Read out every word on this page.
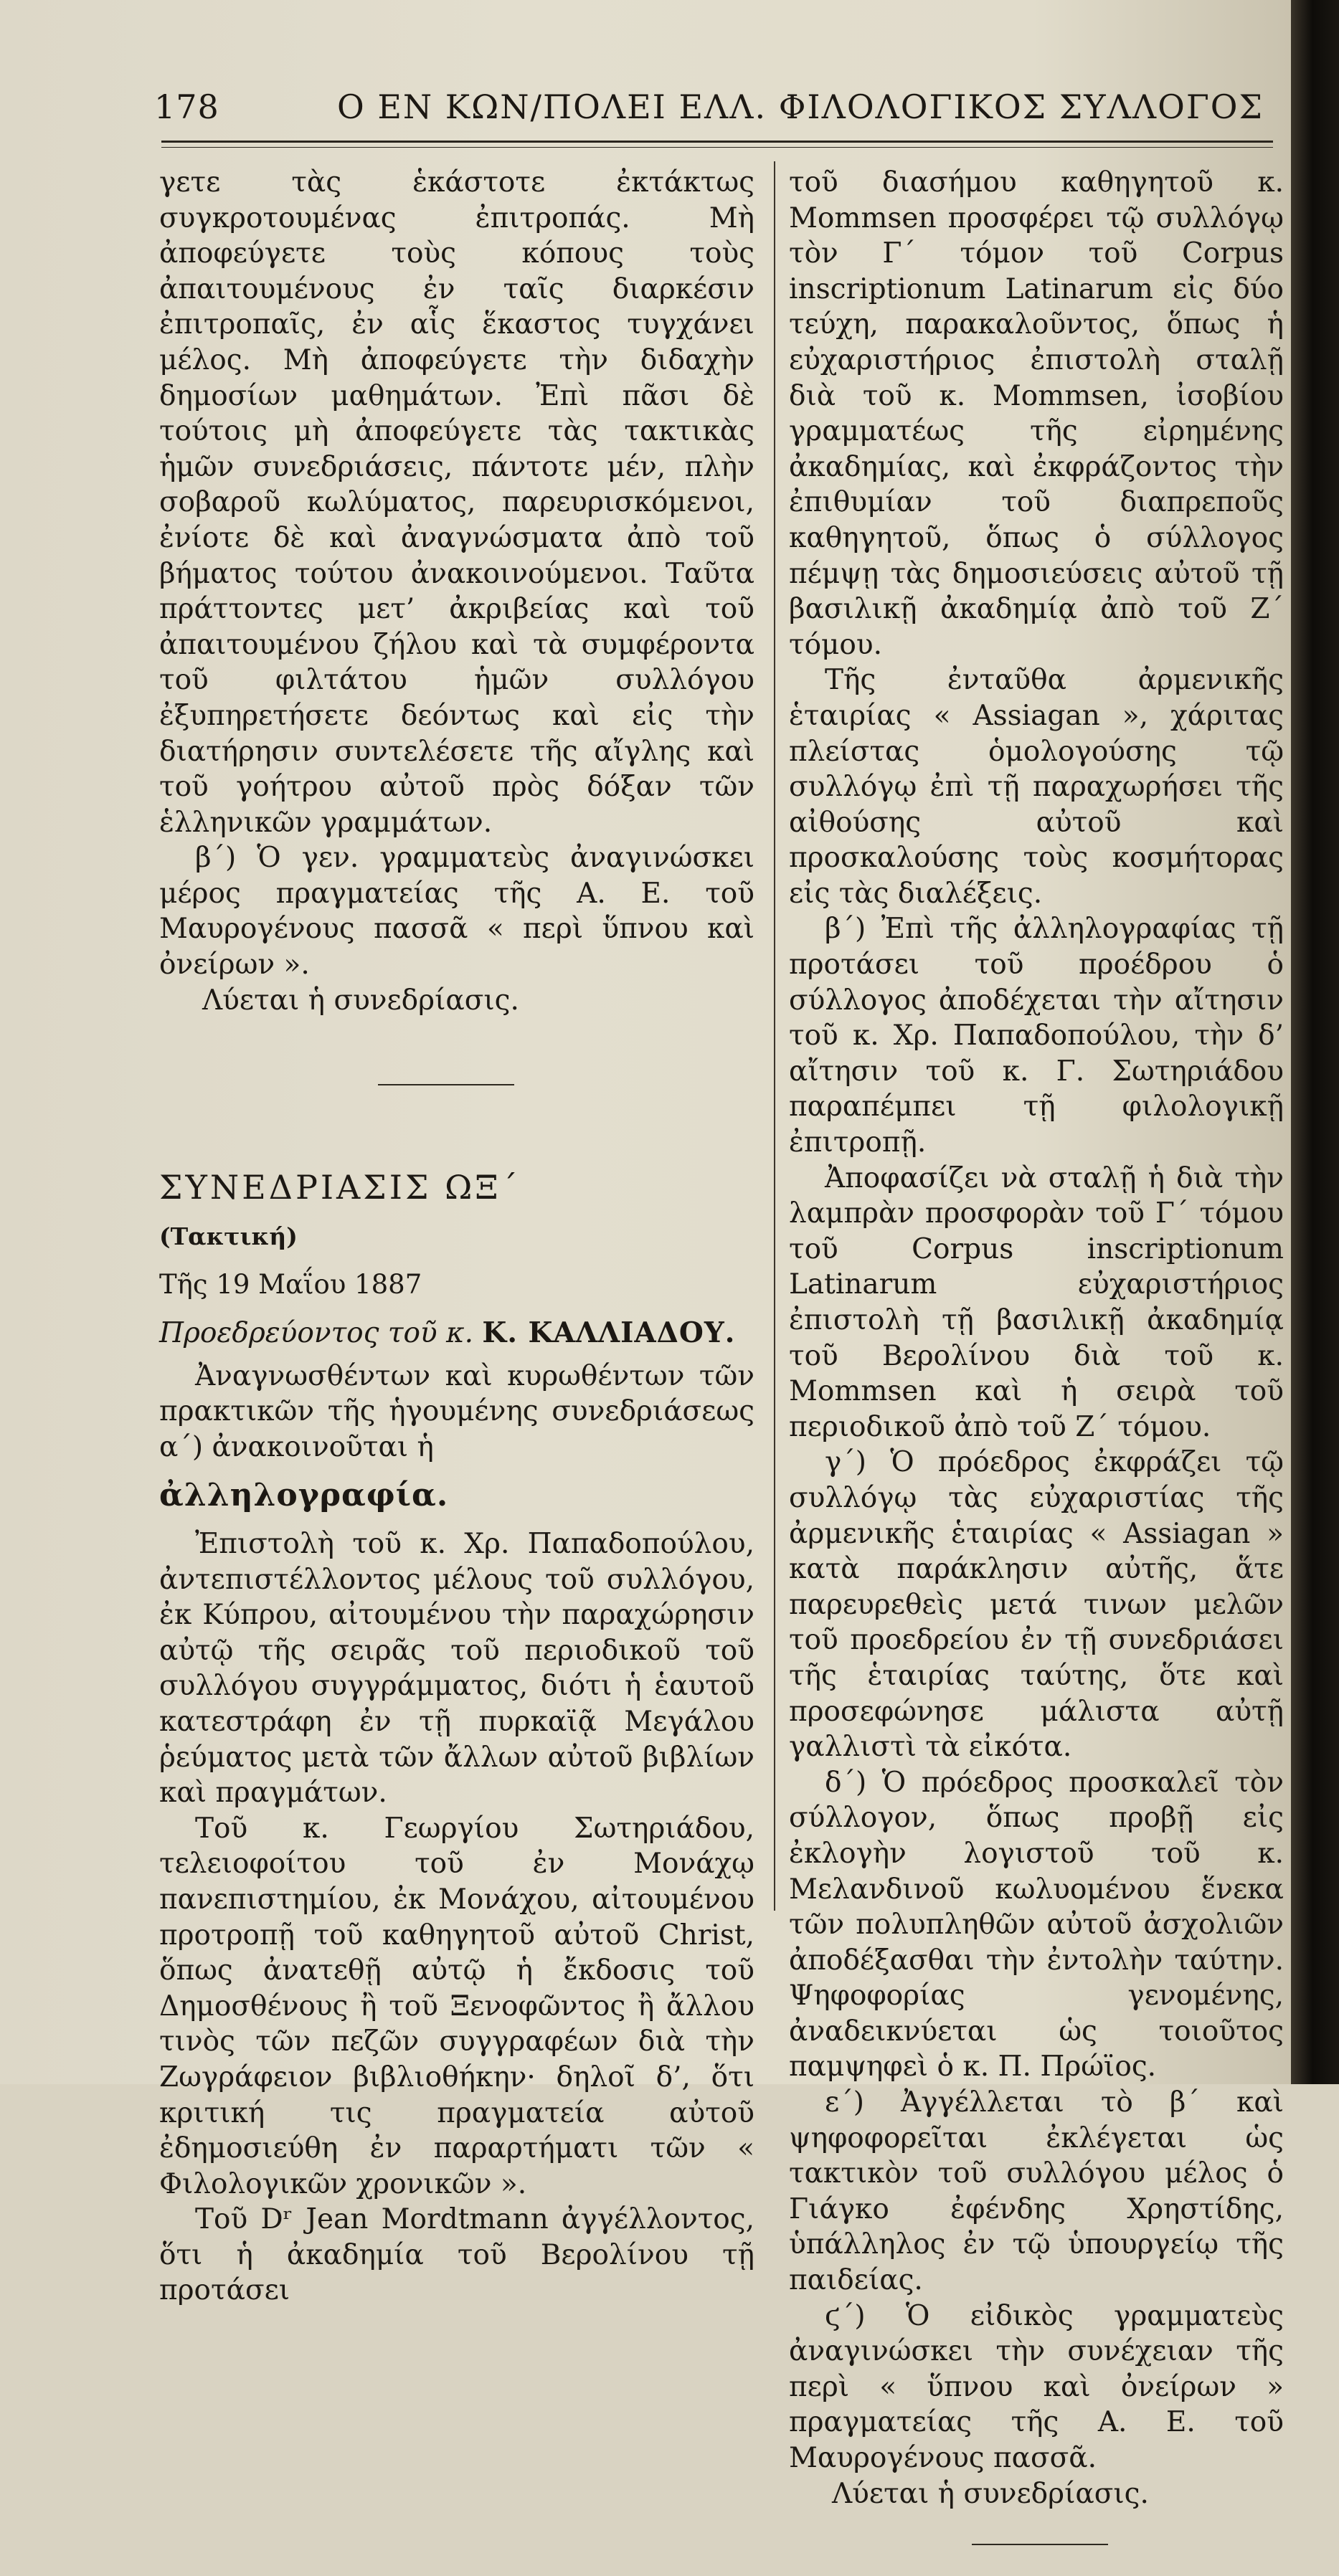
178	Ο ΕΝ ΚΩΝ/ΠΟΛΕΙ ΕΛΛ. ΦΙΛΟΛΟΓΙΚΟΣ ΣΥΛΛΟΓΟΣ

γετε τὰς ἑκάστοτε ἐκτάκτως συγκροτουμένας ἐπιτροπάς. Μὴ ἀποφεύγετε τοὺς κόπους τοὺς ἀπαιτουμένους ἐν ταῖς διαρκέσιν ἐπιτροπαῖς, ἐν αἷς ἕκαστος τυγχάνει μέλος. Μὴ ἀποφεύγετε τὴν διδαχὴν δημοσίων μαθημάτων. Ἐπὶ πᾶσι δὲ τούτοις μὴ ἀποφεύγετε τὰς τακτικὰς ἡμῶν συνεδριάσεις, πάντοτε μέν, πλὴν σοβαροῦ κωλύματος, παρευρισκόμενοι, ἐνίοτε δὲ καὶ ἀναγνώσματα ἀπὸ τοῦ βήματος τούτου ἀνακοινούμενοι. Ταῦτα πράττοντες μετ’ ἀκριβείας καὶ τοῦ ἀπαιτουμένου ζήλου καὶ τὰ συμφέροντα τοῦ φιλτάτου ἡμῶν συλλόγου ἐξυπηρετήσετε δεόντως καὶ εἰς τὴν διατήρησιν συντελέσετε τῆς αἴγλης καὶ τοῦ γοήτρου αὐτοῦ πρὸς δόξαν τῶν ἑλληνικῶν γραμμάτων.

β΄) Ὁ γεν. γραμματεὺς ἀναγινώσκει μέρος πραγματείας τῆς Α. Ε. τοῦ Μαυρογένους πασσᾶ « περὶ ὕπνου καὶ ὀνείρων ».

Λύεται ἡ συνεδρίασις.

ΣΥΝΕΔΡΙΑΣΙΣ ΩΞ΄

(Τακτική)

Τῆς 19 Μαΐου 1887

Προεδρεύοντος τοῦ κ. Κ. ΚΑΛΛΙΑΔΟΥ.

Ἀναγνωσθέντων καὶ κυρωθέντων τῶν πρακτικῶν τῆς ἡγουμένης συνεδριάσεως α΄) ἀνακοινοῦται ἡ

ἀλληλογραφία.

Ἐπιστολὴ τοῦ κ. Χρ. Παπαδοπούλου, ἀντεπιστέλλοντος μέλους τοῦ συλλόγου, ἐκ Κύπρου, αἰτουμένου τὴν παραχώρησιν αὐτῷ τῆς σειρᾶς τοῦ περιοδικοῦ τοῦ συλλόγου συγγράμματος, διότι ἡ ἑαυτοῦ κατεστράφη ἐν τῇ πυρκαϊᾷ Μεγάλου ῥεύματος μετὰ τῶν ἄλλων αὐτοῦ βιβλίων καὶ πραγμάτων.

Τοῦ κ. Γεωργίου Σωτηριάδου, τελειοφοίτου τοῦ ἐν Μονάχῳ πανεπιστημίου, ἐκ Μονάχου, αἰτουμένου προτροπῇ τοῦ καθηγητοῦ αὐτοῦ Christ, ὅπως ἀνατεθῇ αὐτῷ ἡ ἔκδοσις τοῦ Δημοσθένους ἢ τοῦ Ξενοφῶντος ἢ ἄλλου τινὸς τῶν πεζῶν συγγραφέων διὰ τὴν Ζωγράφειον βιβλιοθήκην· δηλοῖ δ’, ὅτι κριτική τις πραγματεία αὐτοῦ ἐδημοσιεύθη ἐν παραρτήματι τῶν « Φιλολογικῶν χρονικῶν ».

Τοῦ Dʳ Jean Mordtmann ἀγγέλλοντος, ὅτι ἡ ἀκαδημία τοῦ Βερολίνου τῇ προτάσει

τοῦ διασήμου καθηγητοῦ κ. Mommsen προσφέρει τῷ συλλόγῳ τὸν Γ΄ τόμον τοῦ Corpus inscriptionum Latinarum εἰς δύο τεύχη, παρακαλοῦντος, ὅπως ἡ εὐχαριστήριος ἐπιστολὴ σταλῇ διὰ τοῦ κ. Mommsen, ἰσοβίου γραμματέως τῆς εἰρημένης ἀκαδημίας, καὶ ἐκφράζοντος τὴν ἐπιθυμίαν τοῦ διαπρεποῦς καθηγητοῦ, ὅπως ὁ σύλλογος πέμψῃ τὰς δημοσιεύσεις αὐτοῦ τῇ βασιλικῇ ἀκαδημίᾳ ἀπὸ τοῦ Ζ΄ τόμου.

Τῆς ἐνταῦθα ἀρμενικῆς ἑταιρίας « Assiagan », χάριτας πλείστας ὁμολογούσης τῷ συλλόγῳ ἐπὶ τῇ παραχωρήσει τῆς αἰθούσης αὐτοῦ καὶ προσκαλούσης τοὺς κοσμήτορας εἰς τὰς διαλέξεις.

β΄) Ἐπὶ τῆς ἀλληλογραφίας τῇ προτάσει τοῦ προέδρου ὁ σύλλογος ἀποδέχεται τὴν αἴτησιν τοῦ κ. Χρ. Παπαδοπούλου, τὴν δ’ αἴτησιν τοῦ κ. Γ. Σωτηριάδου παραπέμπει τῇ φιλολογικῇ ἐπιτροπῇ.

Ἀποφασίζει νὰ σταλῇ ἡ διὰ τὴν λαμπρὰν προσφορὰν τοῦ Γ΄ τόμου τοῦ Corpus inscriptionum Latinarum εὐχαριστήριος ἐπιστολὴ τῇ βασιλικῇ ἀκαδημίᾳ τοῦ Βερολίνου διὰ τοῦ κ. Mommsen καὶ ἡ σειρὰ τοῦ περιοδικοῦ ἀπὸ τοῦ Ζ΄ τόμου.

γ΄) Ὁ πρόεδρος ἐκφράζει τῷ συλλόγῳ τὰς εὐχαριστίας τῆς ἀρμενικῆς ἑταιρίας « Assiagan » κατὰ παράκλησιν αὐτῆς, ἅτε παρευρεθεὶς μετά τινων μελῶν τοῦ προεδρείου ἐν τῇ συνεδριάσει τῆς ἑταιρίας ταύτης, ὅτε καὶ προσεφώνησε μάλιστα αὐτῇ γαλλιστὶ τὰ εἰκότα.

δ΄) Ὁ πρόεδρος προσκαλεῖ τὸν σύλλογον, ὅπως προβῇ εἰς ἐκλογὴν λογιστοῦ τοῦ κ. Μελανδινοῦ κωλυομένου ἕνεκα τῶν πολυπληθῶν αὐτοῦ ἀσχολιῶν ἀποδέξασθαι τὴν ἐντολὴν ταύτην. Ψηφοφορίας γενομένης, ἀναδεικνύεται ὡς τοιοῦτος παμψηφεὶ ὁ κ. Π. Πρώϊος.

ε΄) Ἀγγέλλεται τὸ β΄ καὶ ψηφοφορεῖται ἐκλέγεται ὡς τακτικὸν τοῦ συλλόγου μέλος ὁ Γιάγκο ἐφένδης Χρηστίδης, ὑπάλληλος ἐν τῷ ὑπουργείῳ τῆς παιδείας.

ϛ΄) Ὁ εἰδικὸς γραμματεὺς ἀναγινώσκει τὴν συνέχειαν τῆς περὶ « ὕπνου καὶ ὀνείρων » πραγματείας τῆς Α. Ε. τοῦ Μαυρογένους πασσᾶ.

Λύεται ἡ συνεδρίασις.
